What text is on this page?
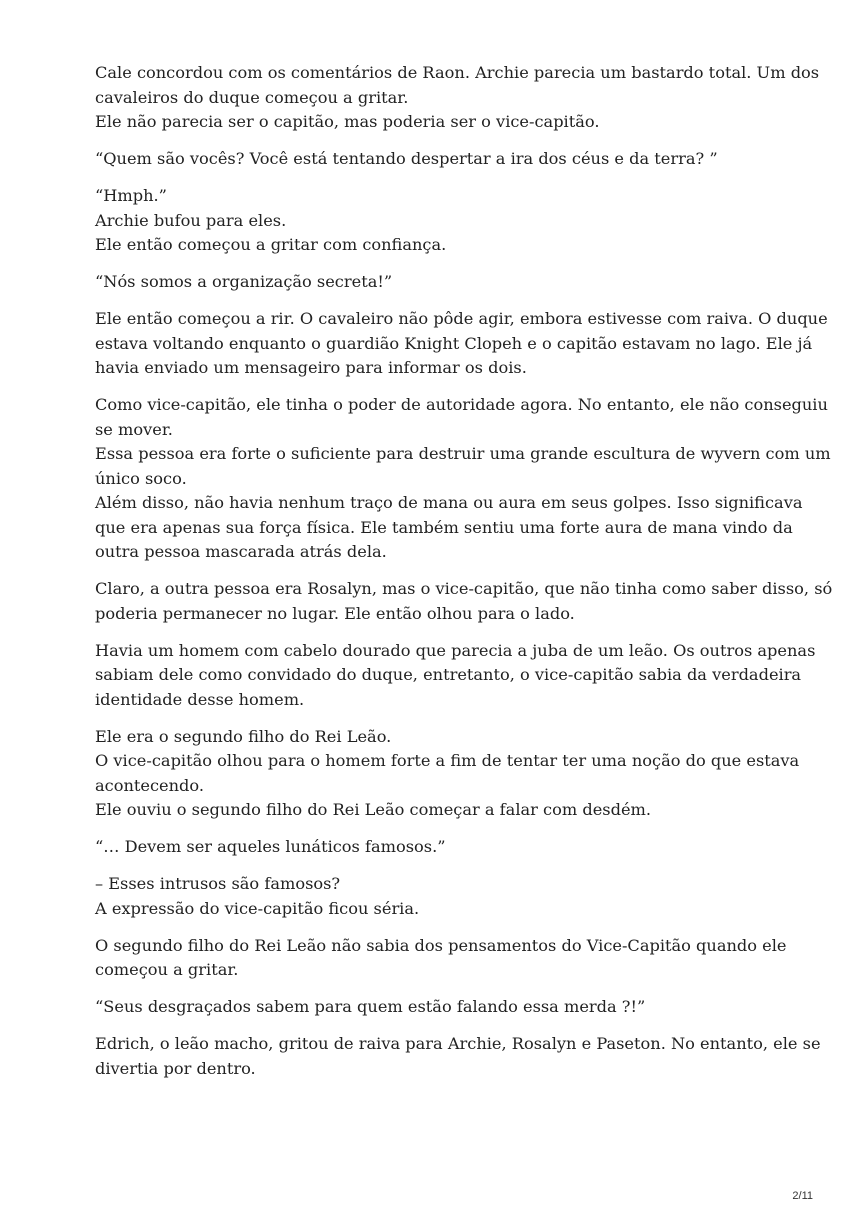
Cale concordou com os comentários de Raon. Archie parecia um bastardo total. Um dos
cavaleiros do duque começou a gritar.
Ele não parecia ser o capitão, mas poderia ser o vice-capitão.

“Quem são vocês? Você está tentando despertar a ira dos céus e da terra? ”

“Hmph.”
Archie bufou para eles.
Ele então começou a gritar com confiança.

“Nós somos a organização secreta!”

Ele então começou a rir. O cavaleiro não pôde agir, embora estivesse com raiva. O duque
estava voltando enquanto o guardião Knight Clopeh e o capitão estavam no lago. Ele já
havia enviado um mensageiro para informar os dois.

Como vice-capitão, ele tinha o poder de autoridade agora. No entanto, ele não conseguiu
se mover.
Essa pessoa era forte o suficiente para destruir uma grande escultura de wyvern com um
único soco.
Além disso, não havia nenhum traço de mana ou aura em seus golpes. Isso significava
que era apenas sua força física. Ele também sentiu uma forte aura de mana vindo da
outra pessoa mascarada atrás dela.

Claro, a outra pessoa era Rosalyn, mas o vice-capitão, que não tinha como saber disso, só
poderia permanecer no lugar. Ele então olhou para o lado.

Havia um homem com cabelo dourado que parecia a juba de um leão. Os outros apenas
sabiam dele como convidado do duque, entretanto, o vice-capitão sabia da verdadeira
identidade desse homem.

Ele era o segundo filho do Rei Leão.
O vice-capitão olhou para o homem forte a fim de tentar ter uma noção do que estava
acontecendo.
Ele ouviu o segundo filho do Rei Leão começar a falar com desdém.

“… Devem ser aqueles lunáticos famosos.”

– Esses intrusos são famosos?
A expressão do vice-capitão ficou séria.

O segundo filho do Rei Leão não sabia dos pensamentos do Vice-Capitão quando ele
começou a gritar.

“Seus desgraçados sabem para quem estão falando essa merda ?!”

Edrich, o leão macho, gritou de raiva para Archie, Rosalyn e Paseton. No entanto, ele se
divertia por dentro.

2/11
